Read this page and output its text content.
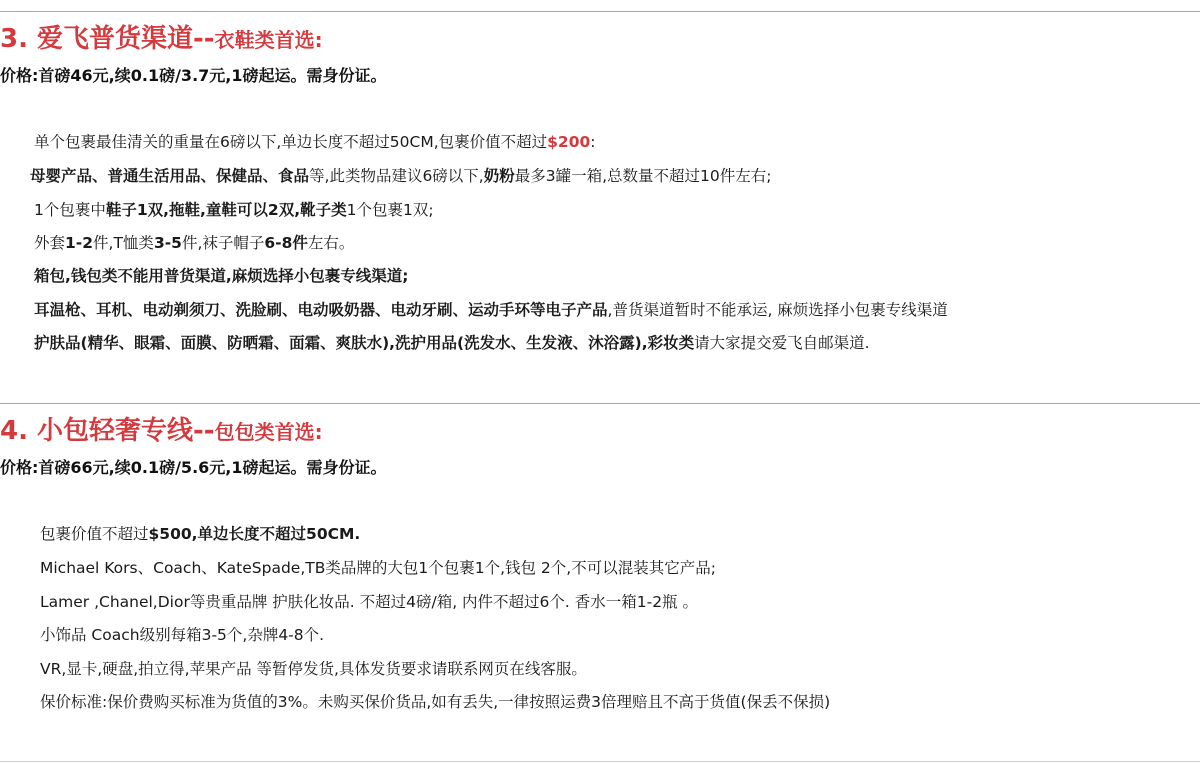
3. 爱飞普货渠道--衣鞋类首选:
价格:首磅46元,续0.1磅/3.7元,1磅起运。需身份证。
单个包裹最佳清关的重量在6磅以下,单边长度不超过50CM,包裹价值不超过$200:
母婴产品、普通生活用品、保健品、食品等,此类物品建议6磅以下,奶粉最多3罐一箱,总数量不超过10件左右;
1个包裹中鞋子1双,拖鞋,童鞋可以2双,靴子类1个包裹1双;
外套1-2件,T恤类3-5件,袜子帽子6-8件左右。
箱包,钱包类不能用普货渠道,麻烦选择小包裹专线渠道;
耳温枪、耳机、电动剃须刀、洗脸刷、电动吸奶器、电动牙刷、运动手环等电子产品,普货渠道暂时不能承运, 麻烦选择小包裹专线渠道
护肤品(精华、眼霜、面膜、防晒霜、面霜、爽肤水),洗护用品(洗发水、生发液、沐浴露),彩妆类请大家提交爱飞自邮渠道.
4. 小包轻奢专线--包包类首选:
价格:首磅66元,续0.1磅/5.6元,1磅起运。需身份证。
包裹价值不超过$500,单边长度不超过50CM.
Michael Kors、Coach、KateSpade,TB类品牌的大包1个包裹1个,钱包 2个,不可以混装其它产品;
Lamer ,Chanel,Dior等贵重品牌 护肤化妆品. 不超过4磅/箱, 内件不超过6个. 香水一箱1-2瓶 。
小饰品 Coach级别每箱3-5个,杂牌4-8个.
VR,显卡,硬盘,拍立得,苹果产品 等暂停发货,具体发货要求请联系网页在线客服。
保价标准:保价费购买标准为货值的3%。未购买保价货品,如有丢失,一律按照运费3倍理赔且不高于货值(保丢不保损)
